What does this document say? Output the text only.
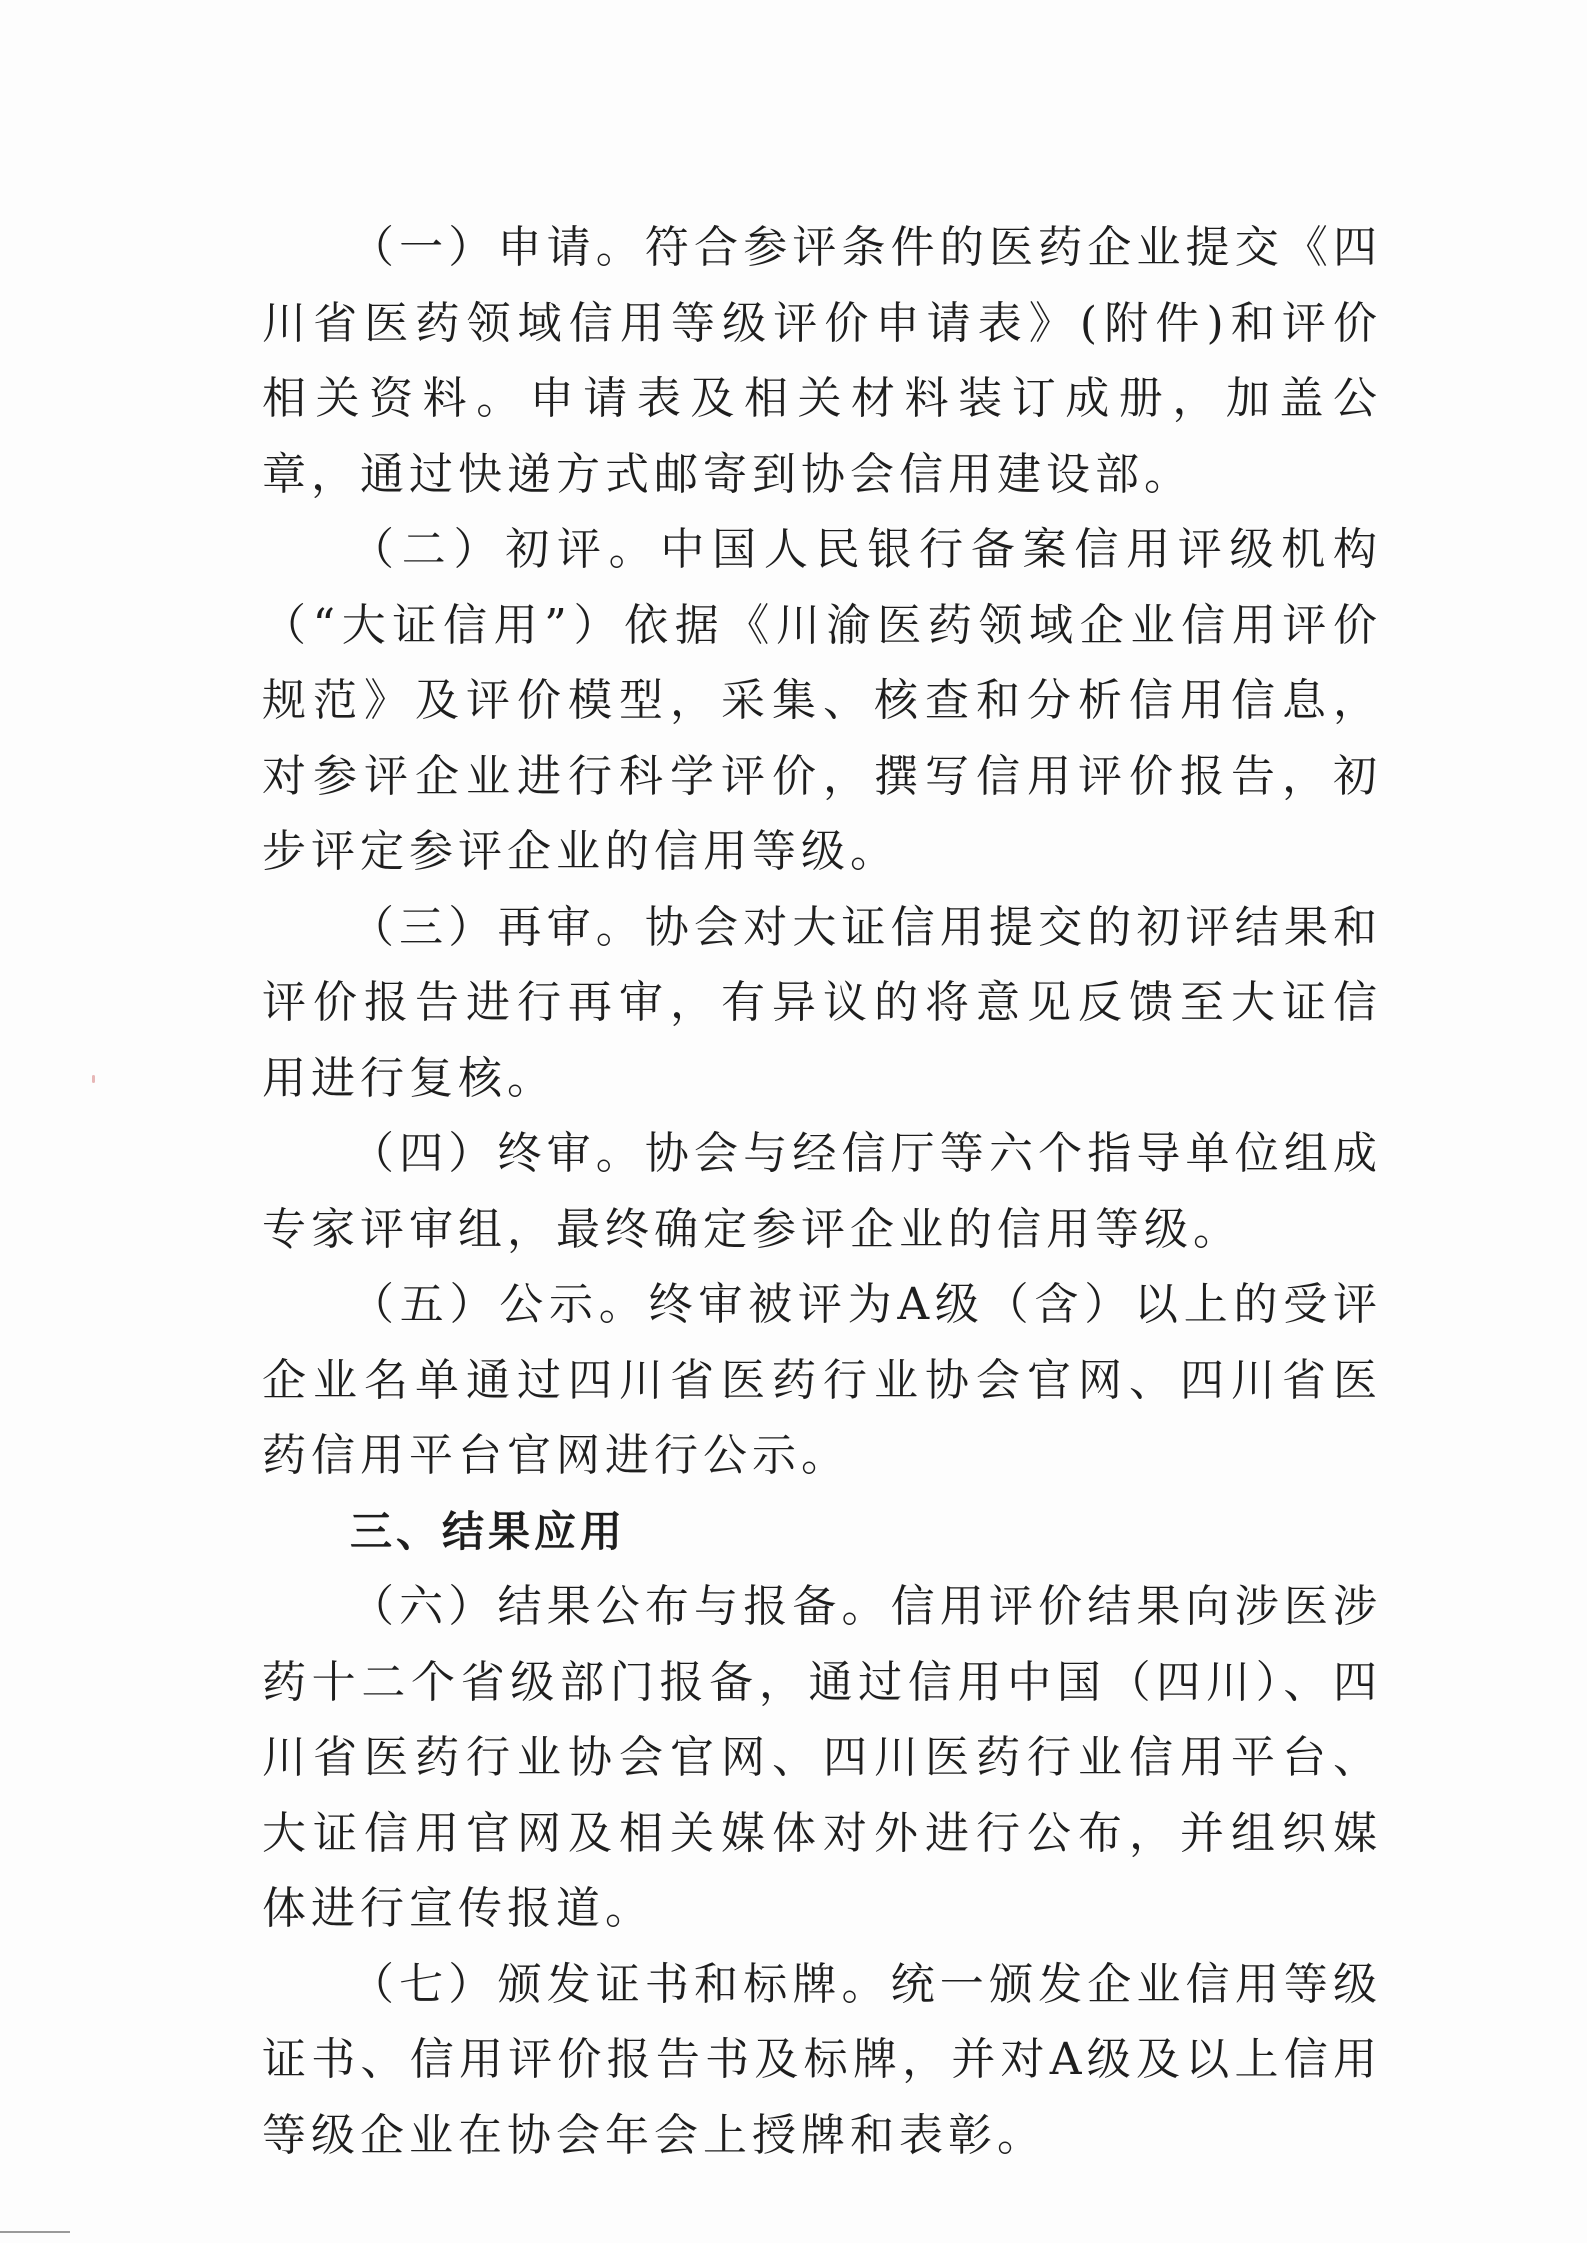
（一）申请。符合参评条件的医药企业提交《四川省医药领域信用等级评价申请表》(附件)和评价相关资料。申请表及相关材料装订成册，加盖公章，通过快递方式邮寄到协会信用建设部。

（二）初评。中国人民银行备案信用评级机构（“大证信用”）依据《川渝医药领域企业信用评价规范》及评价模型，采集、核查和分析信用信息，对参评企业进行科学评价，撰写信用评价报告，初步评定参评企业的信用等级。

（三）再审。协会对大证信用提交的初评结果和评价报告进行再审，有异议的将意见反馈至大证信用进行复核。

（四）终审。协会与经信厅等六个指导单位组成专家评审组，最终确定参评企业的信用等级。

（五）公示。终审被评为A级（含）以上的受评企业名单通过四川省医药行业协会官网、四川省医药信用平台官网进行公示。

三、结果应用

（六）结果公布与报备。信用评价结果向涉医涉药十二个省级部门报备，通过信用中国（四川）、四川省医药行业协会官网、四川医药行业信用平台、大证信用官网及相关媒体对外进行公布，并组织媒体进行宣传报道。

（七）颁发证书和标牌。统一颁发企业信用等级证书、信用评价报告书及标牌，并对A级及以上信用等级企业在协会年会上授牌和表彰。
